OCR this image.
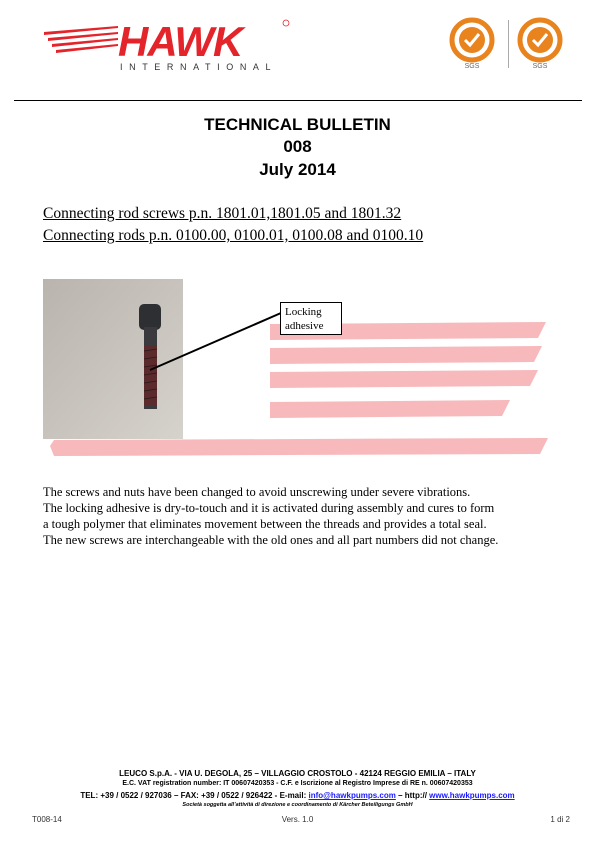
HAWK
INTERNATIONAL	SGS	SGS
TECHNICAL BULLETIN
008
July 2014
Connecting rod screws p.n. 1801.01,1801.05 and 1801.32
Connecting rods p.n. 0100.00, 0100.01, 0100.08 and 0100.10
Locking
adhesive
The screws and nuts have been changed to avoid unscrewing under severe vibrations.
The locking adhesive is dry-to-touch and it is activated during assembly and cures to form
a tough polymer that eliminates movement between the threads and provides a total seal.
The new screws are interchangeable with the old ones and all part numbers did not change.
LEUCO S.p.A. - VIA U. DEGOLA, 25 – VILLAGGIO CROSTOLO - 42124 REGGIO EMILIA – ITALY
E.C. VAT registration number: IT 00607420353 - C.F. e Iscrizione al Registro Imprese di RE n. 00607420353
TEL: +39 / 0522 / 927036 – FAX: +39 / 0522 / 926422 - E-mail: info@hawkpumps.com – http:// www.hawkpumps.com
Società soggetta all’attività di direzione e coordinamento di Kärcher Beteiligungs GmbH
T008-14	Vers. 1.0	1 di 2
